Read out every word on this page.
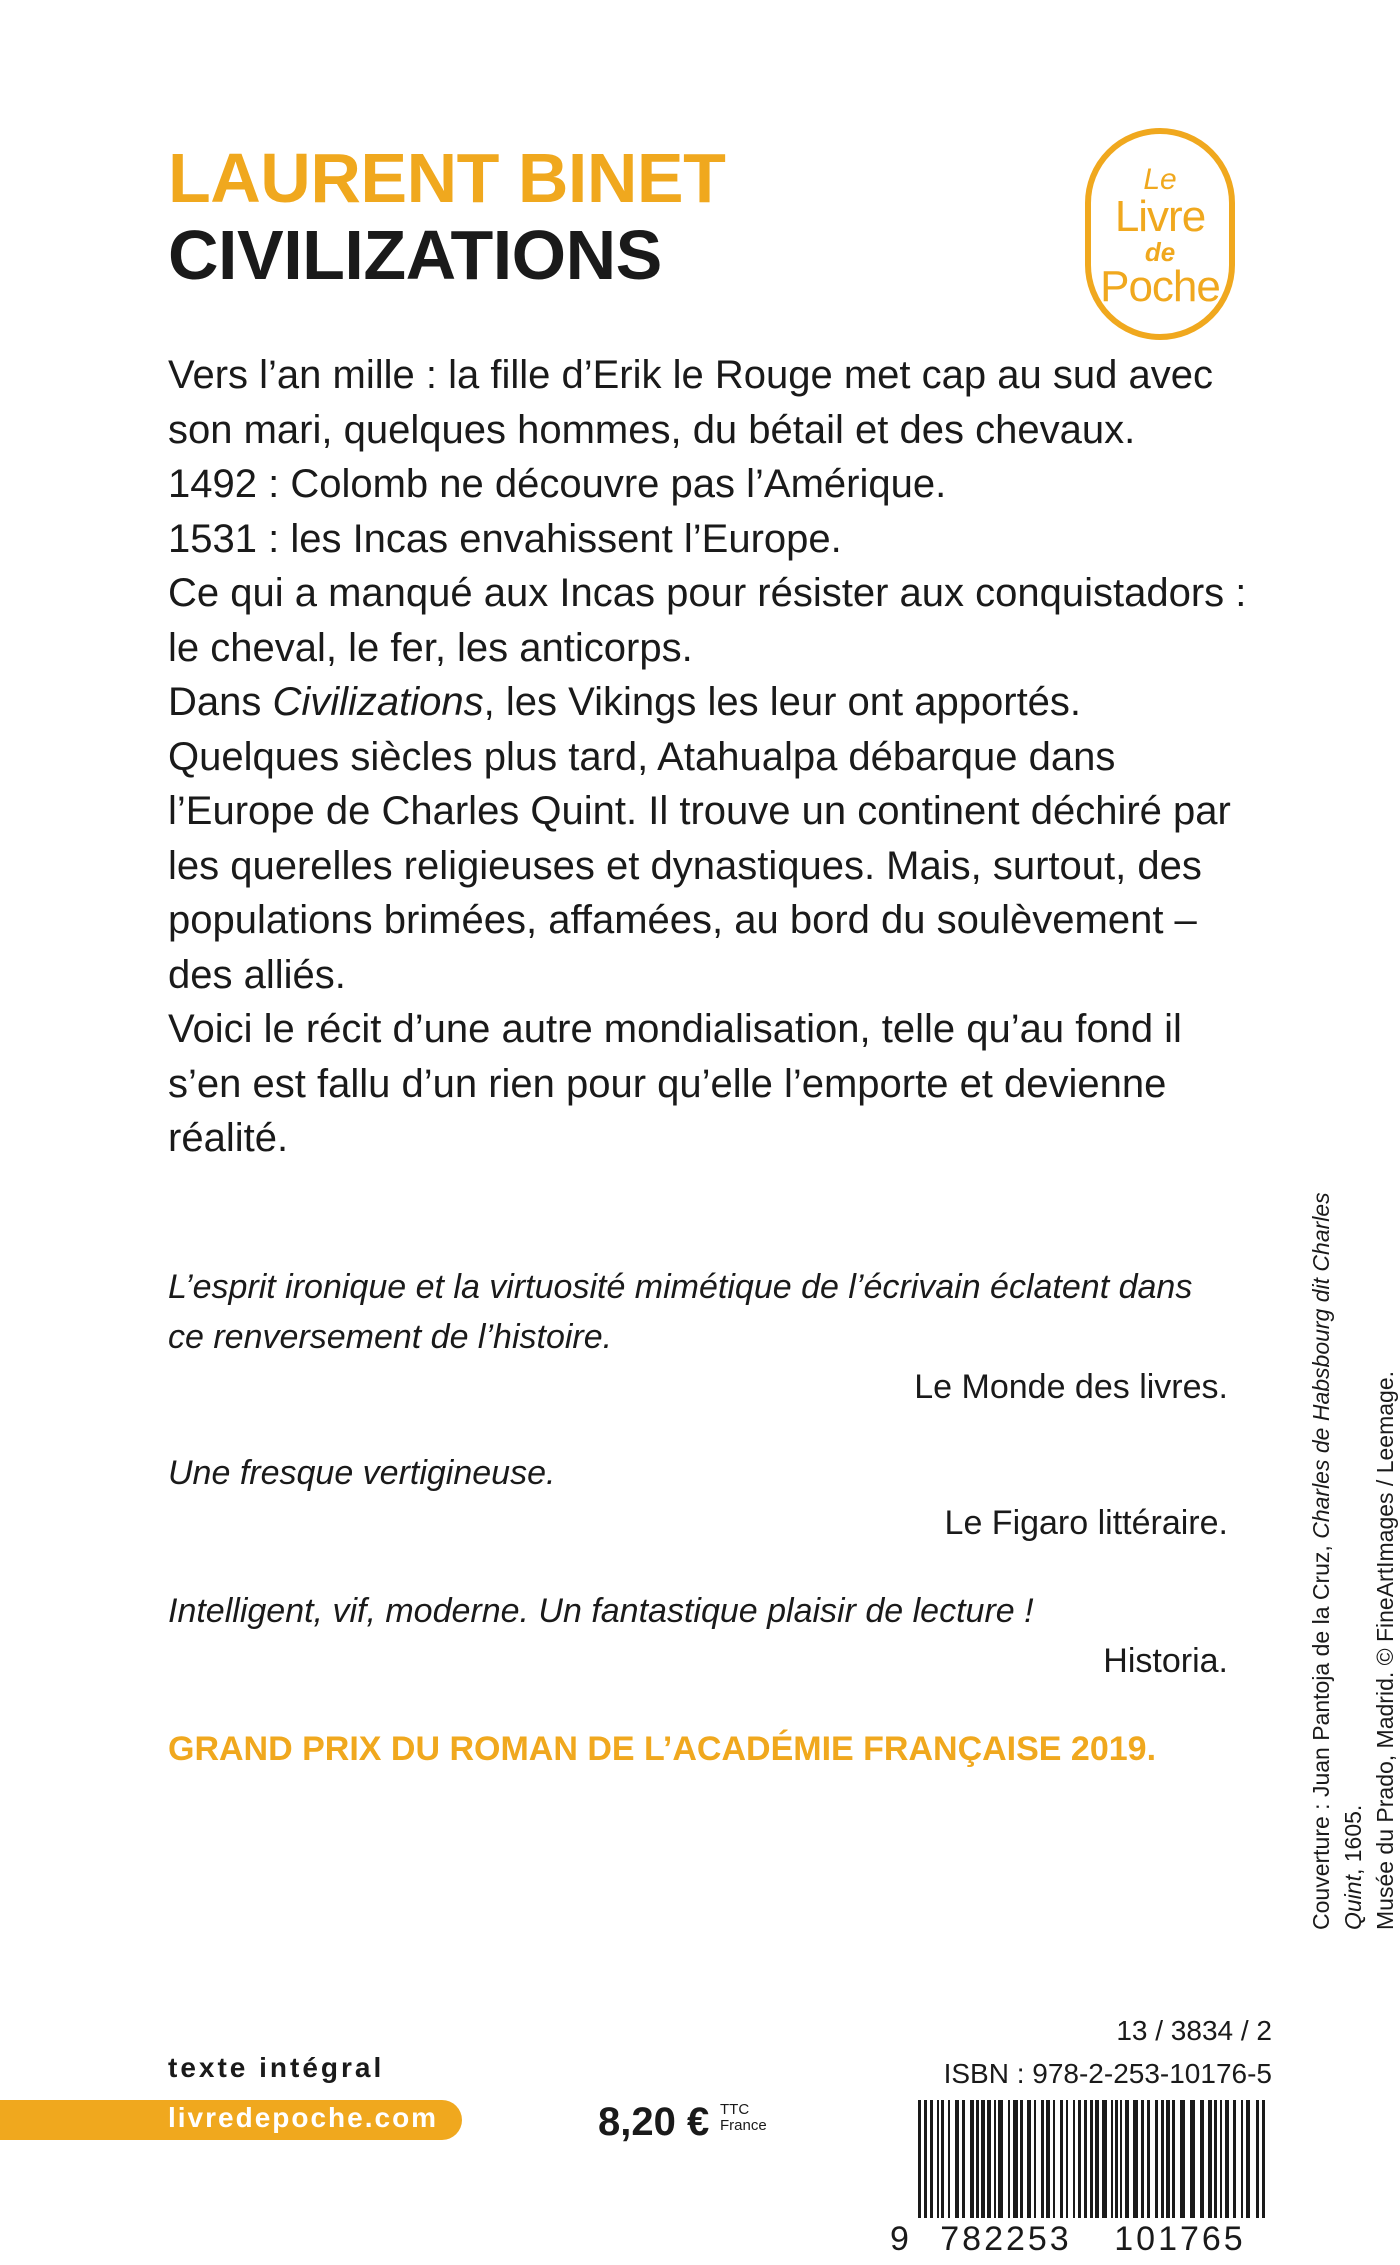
LAURENT BINET
CIVILIZATIONS
Le
Livre
de
Poche

Vers l’an mille : la fille d’Erik le Rouge met cap au sud avec son mari, quelques hommes, du bétail et des chevaux.

1492 : Colomb ne découvre pas l’Amérique.

1531 : les Incas envahissent l’Europe.

Ce qui a manqué aux Incas pour résister aux conquistadors : le cheval, le fer, les anticorps.

Dans Civilizations, les Vikings les leur ont apportés.

Quelques siècles plus tard, Atahualpa débarque dans l’Europe de Charles Quint. Il trouve un continent déchiré par les querelles religieuses et dynastiques. Mais, surtout, des populations brimées, affamées, au bord du soulèvement – des alliés.

Voici le récit d’une autre mondialisation, telle qu’au fond il s’en est fallu d’un rien pour qu’elle l’emporte et devienne réalité.

L’esprit ironique et la virtuosité mimétique de l’écrivain éclatent dans ce renversement de l’histoire.
Le Monde des livres.
Une fresque vertigineuse.
Le Figaro littéraire.
Intelligent, vif, moderne. Un fantastique plaisir de lecture !
Historia.

GRAND PRIX DU ROMAN DE L’ACADÉMIE FRANÇAISE 2019.	Couverture : Juan Pantoja de la Cruz, Charles de Habsbourg dit Charles Quint, 1605. Musée du Prado, Madrid. © FineArtImages / Leemage.
texte intégral
livredepoche.com	8,20 € TTC
France
13 / 3834 / 2
ISBN : 978-2-253-10176-5
9 782253 101765
